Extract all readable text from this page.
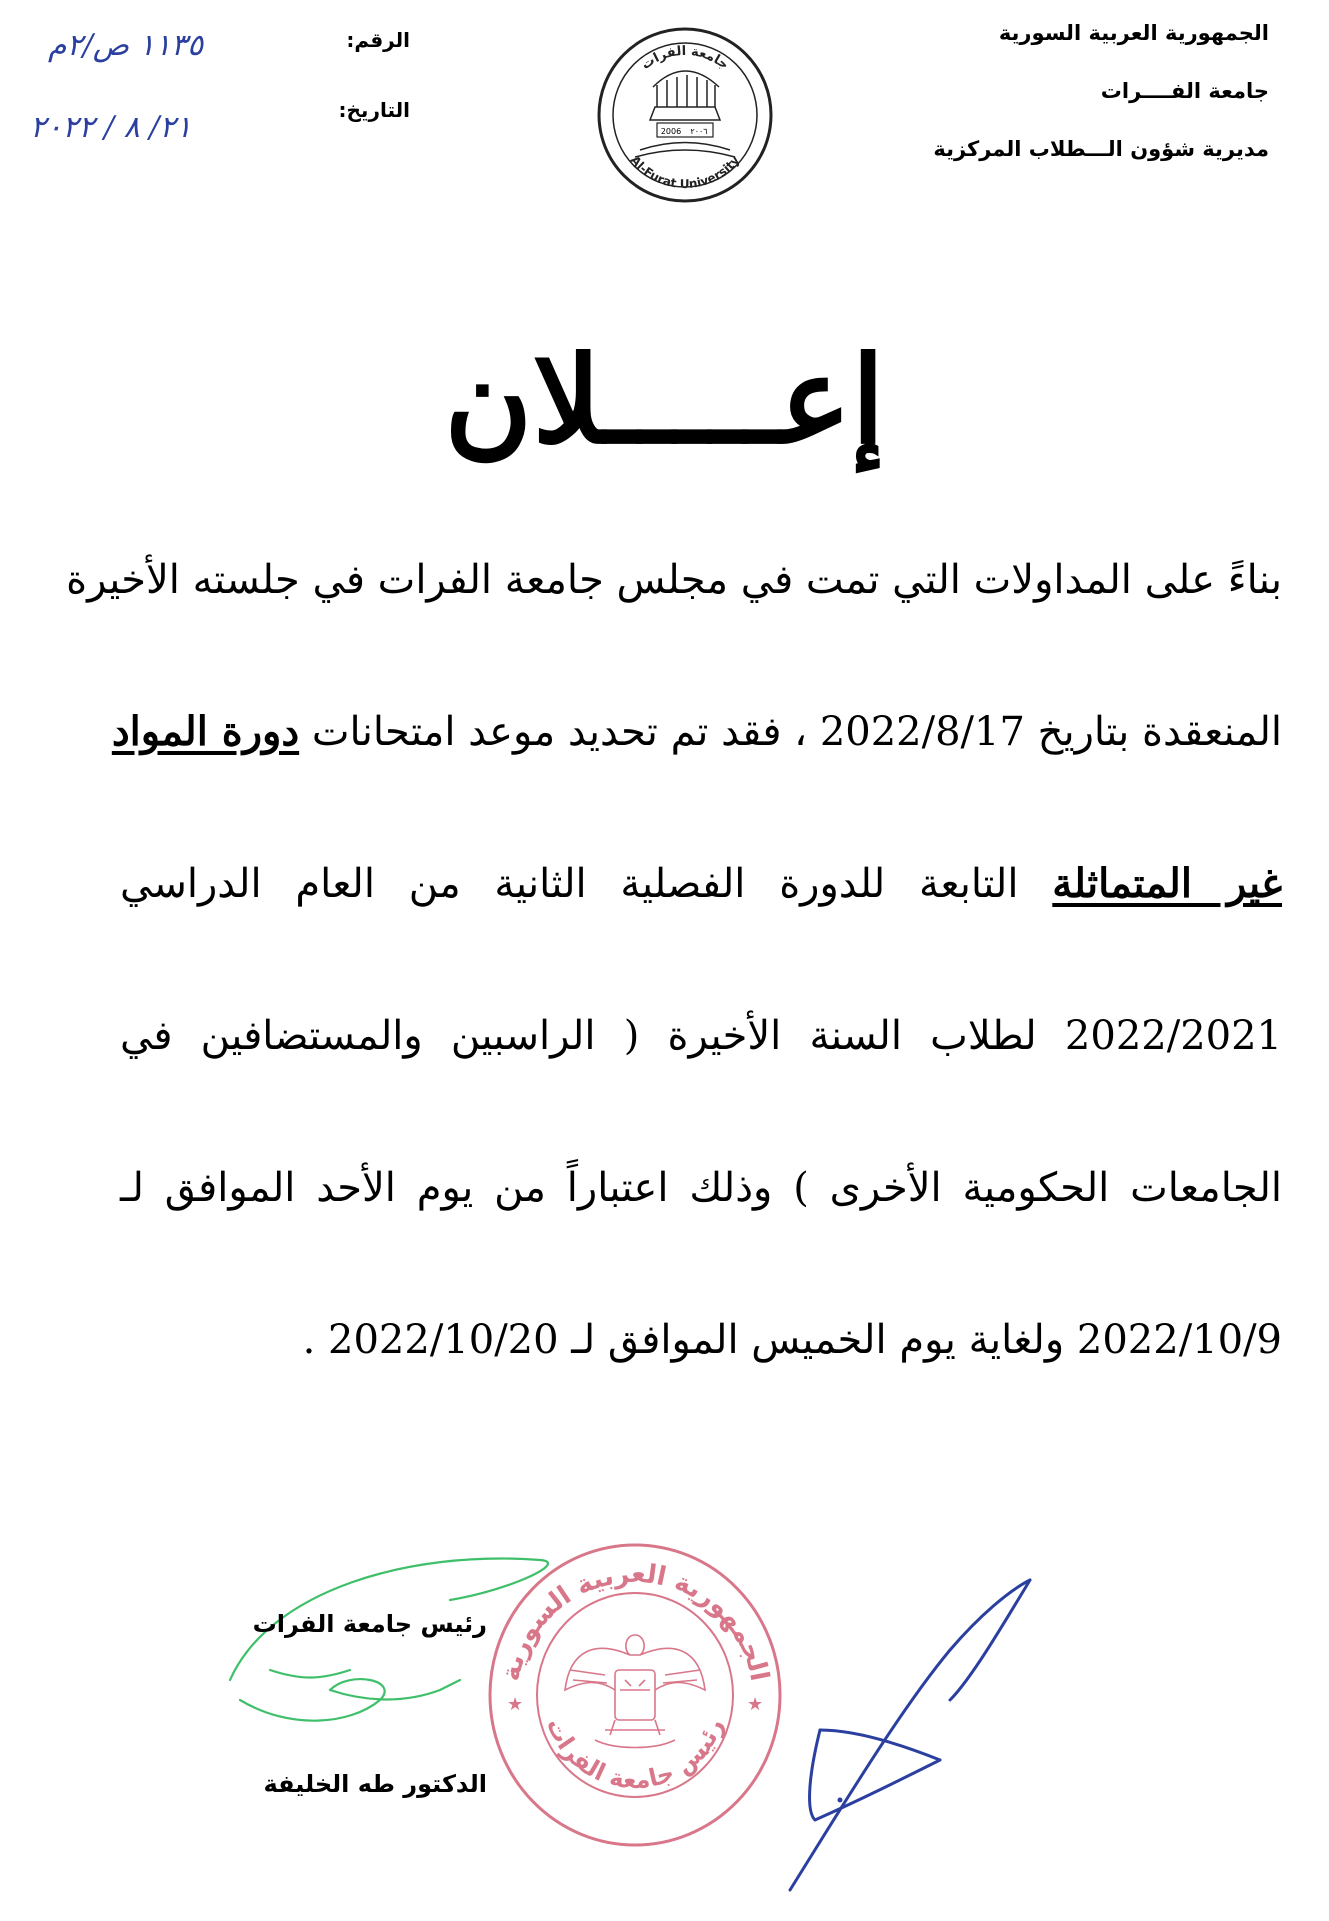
الجمهورية العربية السورية
جامعة الفــــرات
مديرية شؤون الـــطلاب المركزية
الرقم:
التاريخ:
١١٣٥ ص/٢م
٢١/ ٨ / ٢٠٢٢
جامعة الفرات
2006 ٢٠٠٦
Al-Furat University
إعـــــلان
بناءً على المداولات التي تمت في مجلس جامعة الفرات في جلسته الأخيرة
المنعقدة بتاريخ 2022/8/17 ، فقد تم تحديد موعد امتحانات دورة المواد
غير المتماثلة التابعة للدورة الفصلية الثانية من العام الدراسي
2022/2021 لطلاب السنة الأخيرة ( الراسبين والمستضافين في
الجامعات الحكومية الأخرى ) وذلك اعتباراً من يوم الأحد الموافق لـ
2022/10/9 ولغاية يوم الخميس الموافق لـ 2022/10/20 .
الجمهورية العربية السورية
رئيس جامعة الفرات
★	★
رئيس جامعة الفرات
الدكتور طه الخليفة
